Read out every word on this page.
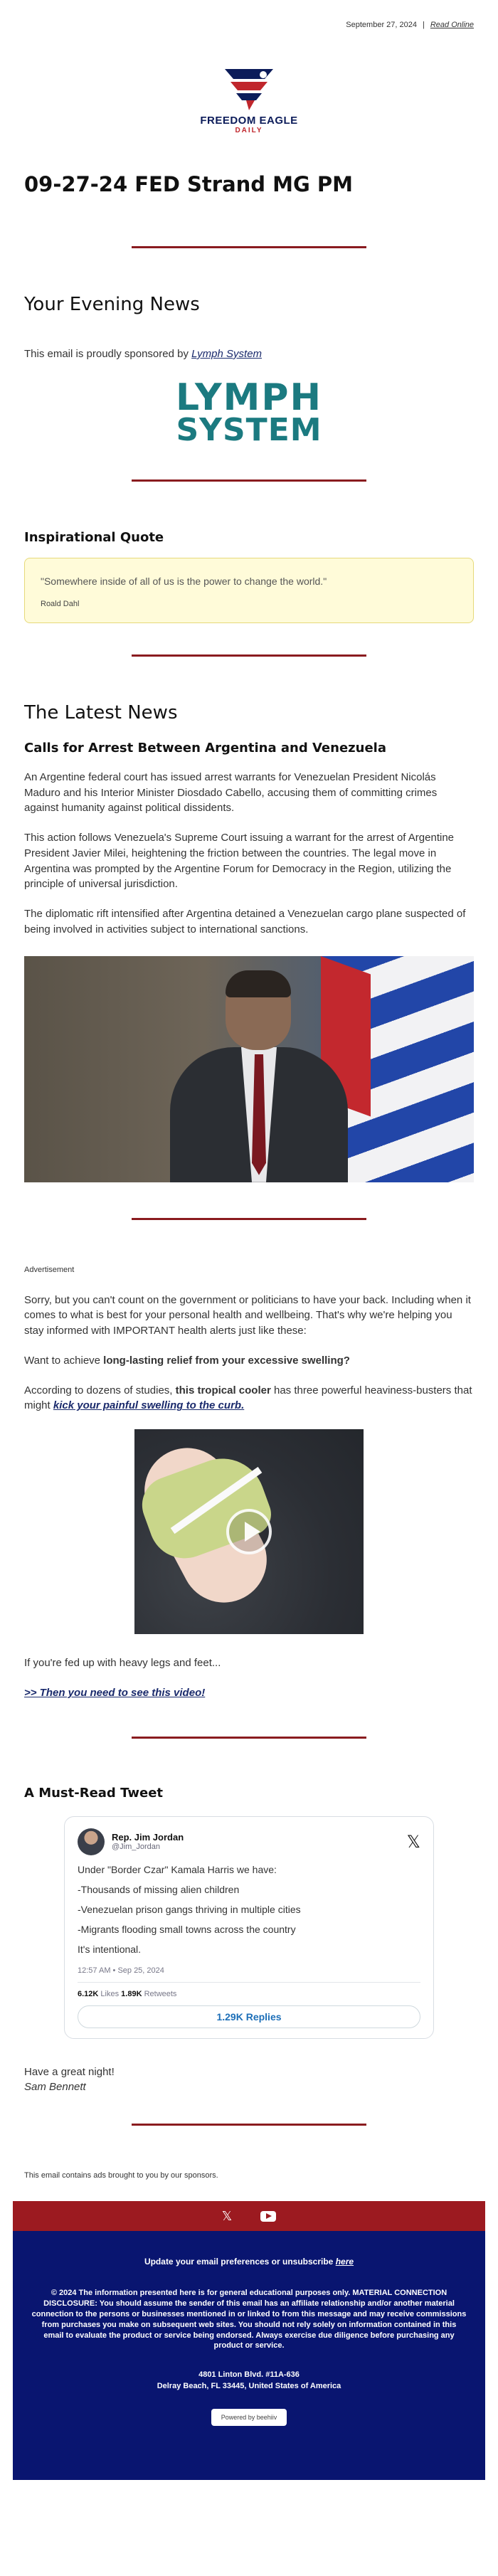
September 27, 2024 | Read Online
FREEDOM EAGLE
DAILY
09-27-24 FED Strand MG PM
Your Evening News

This email is proudly sponsored by Lymph System

LYMPH
SYSTEM
Inspirational Quote
"Somewhere inside of all of us is the power to change the world."
Roald Dahl
The Latest News
Calls for Arrest Between Argentina and Venezuela

An Argentine federal court has issued arrest warrants for Venezuelan President Nicolás Maduro and his Interior Minister Diosdado Cabello, accusing them of committing crimes against humanity against political dissidents.

This action follows Venezuela's Supreme Court issuing a warrant for the arrest of Argentine President Javier Milei, heightening the friction between the countries. The legal move in Argentina was prompted by the Argentine Forum for Democracy in the Region, utilizing the principle of universal jurisdiction.

The diplomatic rift intensified after Argentina detained a Venezuelan cargo plane suspected of being involved in activities subject to international sanctions.

Advertisement

Sorry, but you can't count on the government or politicians to have your back. Including when it comes to what is best for your personal health and wellbeing. That's why we're helping you stay informed with IMPORTANT health alerts just like these:

Want to achieve long-lasting relief from your excessive swelling?

According to dozens of studies, this tropical cooler has three powerful heaviness-busters that might kick your painful swelling to the curb.

If you're fed up with heavy legs and feet...

>> Then you need to see this video!

A Must-Read Tweet
Rep. Jim Jordan
@Jim_Jordan	𝕏
Under "Border Czar" Kamala Harris we have:
-Thousands of missing alien children
-Venezuelan prison gangs thriving in multiple cities
-Migrants flooding small towns across the country
It's intentional.
12:57 AM • Sep 25, 2024
6.12K Likes 1.89K Retweets
1.29K Replies

Have a great night!

Sam Bennett

This email contains ads brought to you by our sponsors.
𝕏
Update your email preferences or unsubscribe here
© 2024 The information presented here is for general educational purposes only. MATERIAL CONNECTION DISCLOSURE: You should assume the sender of this email has an affiliate relationship and/or another material connection to the persons or businesses mentioned in or linked to from this message and may receive commissions from purchases you make on subsequent web sites. You should not rely solely on information contained in this email to evaluate the product or service being endorsed. Always exercise due diligence before purchasing any product or service.
4801 Linton Blvd. #11A-636
Delray Beach, FL 33445, United States of America
Powered by beehiiv
